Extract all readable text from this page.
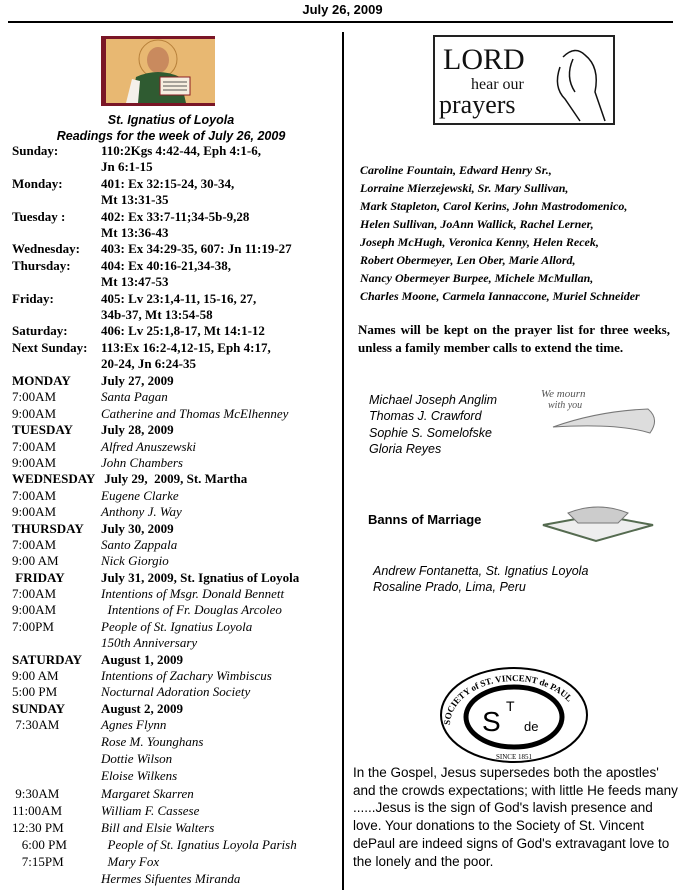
July 26, 2009
St. Ignatius of Loyola
Readings for the week of July 26, 2009
Sunday:	110:2Kgs 4:42-44, Eph 4:1-6,
Jn 6:1-15
Monday:	401: Ex 32:15-24, 30-34,
Mt 13:31-35
Tuesday :	402: Ex 33:7-11;34-5b-9,28
Mt 13:36-43
Wednesday:	403: Ex 34:29-35, 607: Jn 11:19-27
Thursday:	404: Ex 40:16-21,34-38,
Mt 13:47-53
Friday:	405: Lv 23:1,4-11, 15-16, 27,
34b-37, Mt 13:54-58
Saturday:	406: Lv 25:1,8-17, Mt 14:1-12
Next Sunday:	113:Ex 16:2-4,12-15, Eph 4:17,
20-24, Jn 6:24-35
MONDAY	July 27, 2009
7:00AM	Santa Pagan
9:00AM	Catherine and Thomas McElhenney
TUESDAY	July 28, 2009
7:00AM	Alfred Anuszewski
9:00AM	John Chambers
WEDNESDAY July 29,  2009, St. Martha
7:00AM	Eugene Clarke
9:00AM	Anthony J. Way
THURSDAY	July 30, 2009
7:00AM	Santo Zappala
9:00 AM	Nick Giorgio
FRIDAY	July 31, 2009, St. Ignatius of Loyola
7:00AM	Intentions of Msgr. Donald Bennett
9:00AM	Intentions of Fr. Douglas Arcoleo
7:00PM	People of St. Ignatius Loyola
150th Anniversary
SATURDAY	August 1, 2009
9:00 AM	Intentions of Zachary Wimbiscus
5:00 PM	Nocturnal Adoration Society
SUNDAY	August 2, 2009
7:30AM	Agnes Flynn
Rose M. Younghans
Dottie Wilson
Eloise Wilkens
9:30AM	Margaret Skarren
11:00AM	William F. Cassese
12:30 PM	Bill and Elsie Walters
6:00 PM	People of St. Ignatius Loyola Parish
7:15PM	Mary Fox
Hermes Sifuentes Miranda
LORD
hear our
prayers
Caroline Fountain, Edward Henry Sr.,
Lorraine Mierzejewski, Sr. Mary Sullivan,
Mark Stapleton, Carol Kerins, John Mastrodomenico,
Helen Sullivan, JoAnn Wallick, Rachel Lerner,
Joseph McHugh, Veronica Kenny, Helen Recek,
Robert Obermeyer, Len Ober, Marie Allord,
Nancy Obermeyer Burpee, Michele McMullan,
Charles Moone, Carmela Iannaccone, Muriel Schneider
Names will be kept on the prayer list for three weeks, unless a family member calls to extend the time.
Michael Joseph Anglim
Thomas J. Crawford
Sophie S. Somelofske
Gloria Reyes
We mourn
with you
Banns of Marriage
Andrew Fontanetta, St. Ignatius Loyola
Rosaline Prado, Lima, Peru
SOCIETY of ST. VINCENT de PAUL
SINCE 1851
S T
de
In the Gospel, Jesus supersedes both the apostles' and the crowds expectations; with little He feeds many ......Jesus is the sign of God's lavish presence and love. Your donations to the Society of St. Vincent dePaul are indeed signs of God's extravagant love to the lonely and the poor.
